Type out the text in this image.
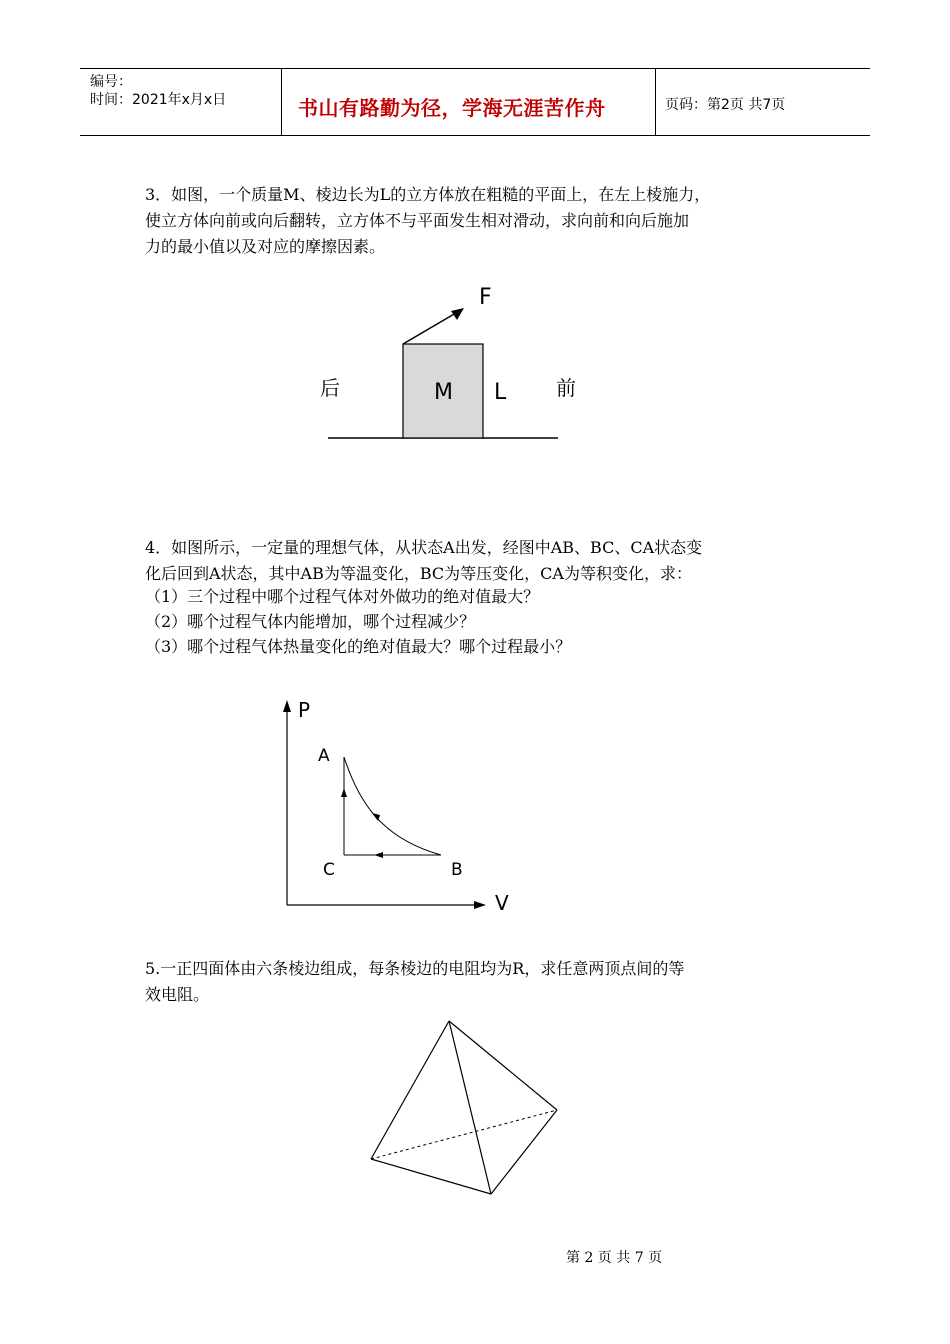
编号：
时间：2021年x月x日	书山有路勤为径，学海无涯苦作舟	页码：第2页 共7页
3．如图，一个质量M、棱边长为L的立方体放在粗糙的平面上，在左上棱施力，
使立方体向前或向后翻转，立方体不与平面发生相对滑动，求向前和向后施加
力的最小值以及对应的摩擦因素。
F
后	M L 前
4．如图所示，一定量的理想气体，从状态A出发，经图中AB、BC、CA状态变
化后回到A状态，其中AB为等温变化，BC为等压变化，CA为等积变化，求：
（1）三个过程中哪个过程气体对外做功的绝对值最大？
（2）哪个过程气体内能增加，哪个过程减少？
（3）哪个过程气体热量变化的绝对值最大？哪个过程最小？
P
V
A
C	B
5.一正四面体由六条棱边组成，每条棱边的电阻均为R，求任意两顶点间的等
效电阻。
第 2 页 共 7 页
